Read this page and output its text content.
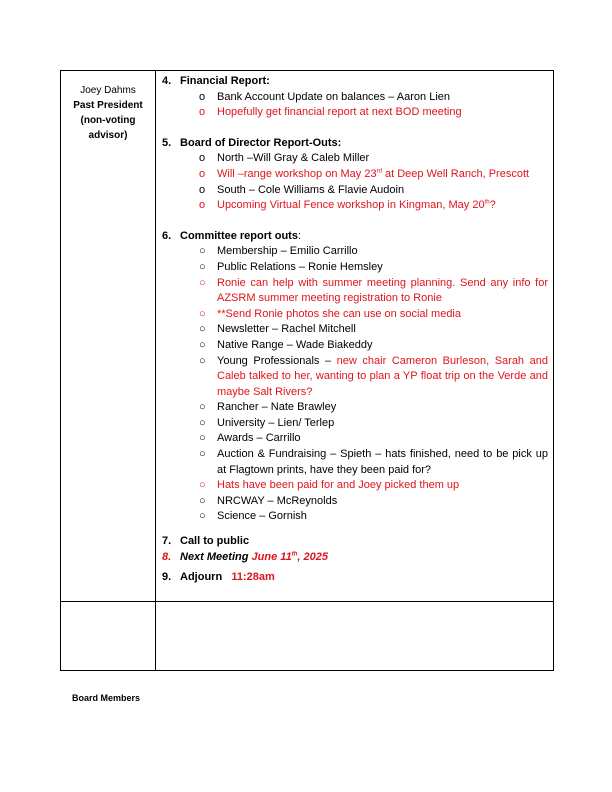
Joey Dahms
Past President
(non-voting advisor)
4. Financial Report:
o	Bank Account Update on balances – Aaron Lien
o	Hopefully get financial report at next BOD meeting
5. Board of Director Report-Outs:
o	North –Will Gray & Caleb Miller
o	Will –range workshop on May 23rd at Deep Well Ranch, Prescott
o	South – Cole Williams & Flavie Audoin
o	Upcoming Virtual Fence workshop in Kingman, May 20th?
6. Committee report outs:
○	Membership – Emilio Carrillo
○	Public Relations – Ronie Hemsley
○	Ronie can help with summer meeting planning. Send any info for AZSRM summer meeting registration to Ronie
○	**Send Ronie photos she can use on social media
○	Newsletter – Rachel Mitchell
○	Native Range – Wade Biakeddy
○	Young Professionals – new chair Cameron Burleson, Sarah and Caleb talked to her, wanting to plan a YP float trip on the Verde and maybe Salt Rivers?
○	Rancher – Nate Brawley
○	University – Lien/ Terlep
○	Awards – Carrillo
○	Auction & Fundraising – Spieth – hats finished, need to be pick up at Flagtown prints, have they been paid for?
○	Hats have been paid for and Joey picked them up
○	NRCWAY – McReynolds
○	Science – Gornish
7. Call to public
8. Next Meeting June 11th, 2025
9. Adjourn 11:28am
Board Members
